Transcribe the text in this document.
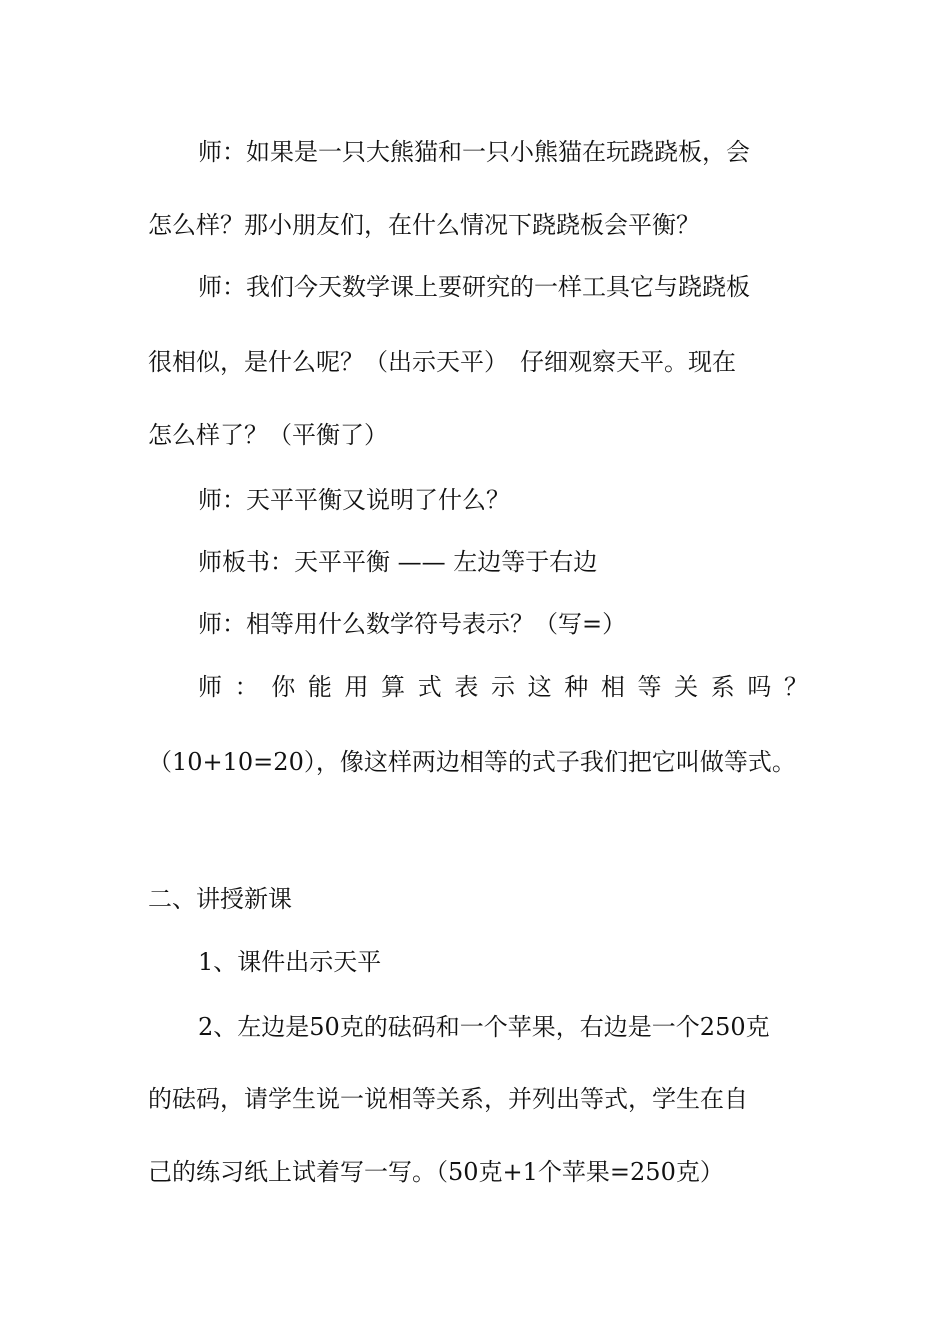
师：如果是一只大熊猫和一只小熊猫在玩跷跷板，会
怎么样？那小朋友们，在什么情况下跷跷板会平衡？
师：我们今天数学课上要研究的一样工具它与跷跷板
很相似，是什么呢？（出示天平）　仔细观察天平。现在
怎么样了？（平衡了）
师：天平平衡又说明了什么？
师板书：天平平衡 —— 左边等于右边
师：相等用什么数学符号表示？（写=）
师 ： 你 能 用 算 式 表 示 这 种 相 等 关 系 吗 ？
（10+10=20），像这样两边相等的式子我们把它叫做等式。
二、讲授新课
1、课件出示天平
2、左边是50克的砝码和一个苹果，右边是一个250克
的砝码，请学生说一说相等关系，并列出等式，学生在自
己的练习纸上试着写一写。（50克+1个苹果=250克）
